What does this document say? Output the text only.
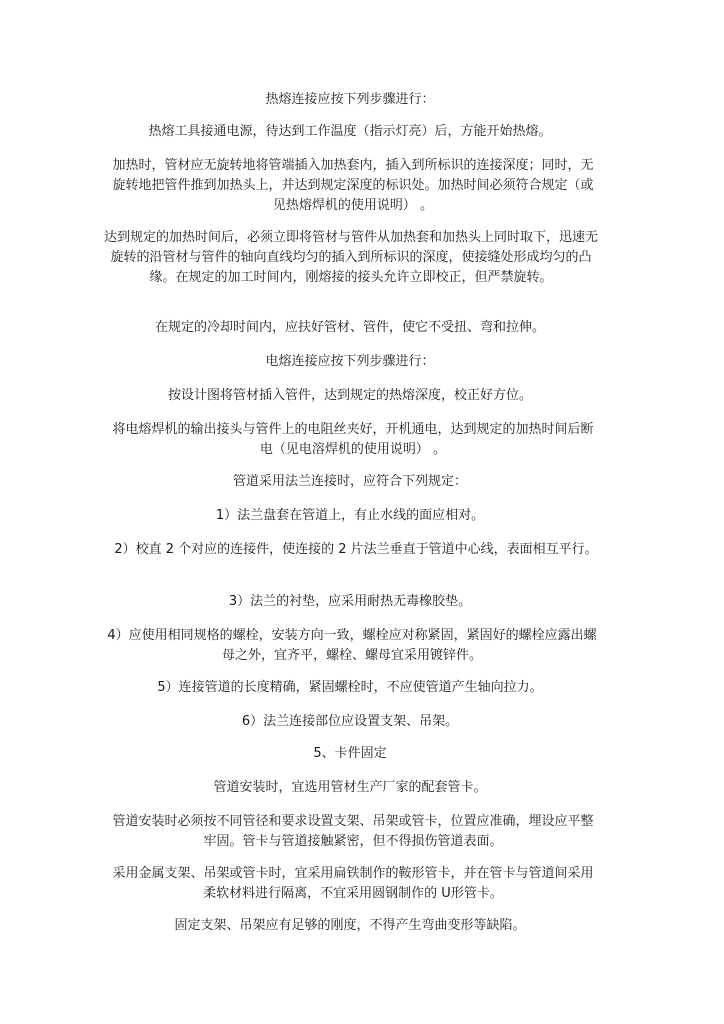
热熔连接应按下列步骤进行：

热熔工具接通电源，待达到工作温度（指示灯亮）后，方能开始热熔。

加热时，管材应无旋转地将管端插入加热套内，插入到所标识的连接深度；同时，无旋转地把管件推到加热头上，并达到规定深度的标识处。加热时间必须符合规定（或见热熔焊机的使用说明） 。

达到规定的加热时间后，必须立即将管材与管件从加热套和加热头上同时取下，迅速无旋转的沿管材与管件的轴向直线均匀的插入到所标识的深度，使接缝处形成均匀的凸缘。在规定的加工时间内，刚熔接的接头允许立即校正，但严禁旋转。

在规定的冷却时间内，应扶好管材、管件，使它不受扭、弯和拉伸。

电熔连接应按下列步骤进行：

按设计图将管材插入管件，达到规定的热熔深度，校正好方位。

将电熔焊机的输出接头与管件上的电阻丝夹好，开机通电，达到规定的加热时间后断电（见电溶焊机的使用说明） 。

管道采用法兰连接时，应符合下列规定：

1）法兰盘套在管道上，有止水线的面应相对。

2）校直 2 个对应的连接件，使连接的 2 片法兰垂直于管道中心线，表面相互平行。

3）法兰的衬垫，应采用耐热无毒橡胶垫。

4）应使用相同规格的螺栓，安装方向一致，螺栓应对称紧固，紧固好的螺栓应露出螺母之外，宜齐平，螺栓、螺母宜采用镀锌件。

5）连接管道的长度精确，紧固螺栓时，不应使管道产生轴向拉力。

6）法兰连接部位应设置支架、吊架。

5、卡件固定

管道安装时，宜选用管材生产厂家的配套管卡。

管道安装时必须按不同管径和要求设置支架、吊架或管卡，位置应准确，埋设应平整牢固。管卡与管道接触紧密，但不得损伤管道表面。

采用金属支架、吊架或管卡时，宜采用扁铁制作的鞍形管卡，并在管卡与管道间采用柔软材料进行隔离，不宜采用圆钢制作的 U形管卡。

固定支架、吊架应有足够的刚度，不得产生弯曲变形等缺陷。
